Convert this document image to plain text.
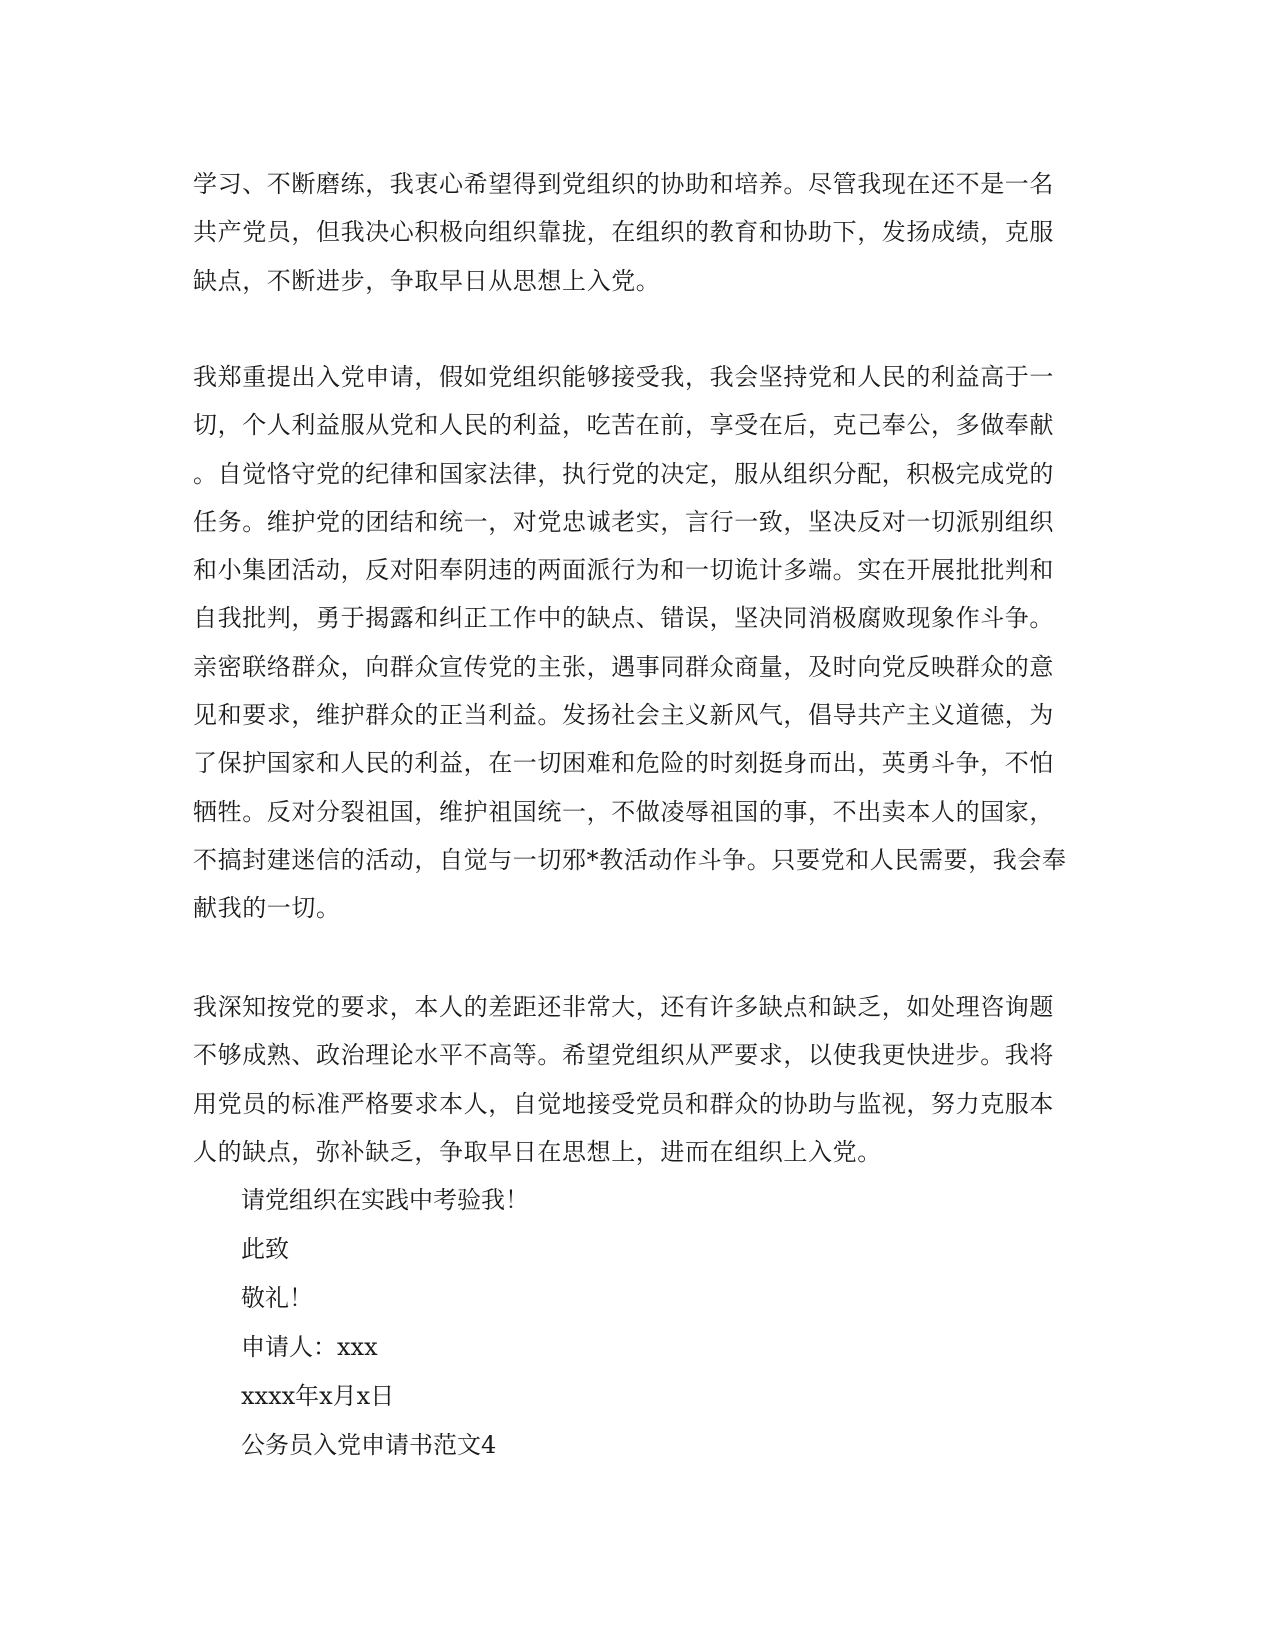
学习、不断磨练，我衷心希望得到党组织的协助和培养。尽管我现在还不是一名
共产党员，但我决心积极向组织靠拢，在组织的教育和协助下，发扬成绩，克服
缺点，不断进步，争取早日从思想上入党。
我郑重提出入党申请，假如党组织能够接受我，我会坚持党和人民的利益高于一
切，个人利益服从党和人民的利益，吃苦在前，享受在后，克己奉公，多做奉献
。自觉恪守党的纪律和国家法律，执行党的决定，服从组织分配，积极完成党的
任务。维护党的团结和统一，对党忠诚老实，言行一致，坚决反对一切派别组织
和小集团活动，反对阳奉阴违的两面派行为和一切诡计多端。实在开展批批判和
自我批判，勇于揭露和纠正工作中的缺点、错误，坚决同消极腐败现象作斗争。
亲密联络群众，向群众宣传党的主张，遇事同群众商量，及时向党反映群众的意
见和要求，维护群众的正当利益。发扬社会主义新风气，倡导共产主义道德，为
了保护国家和人民的利益，在一切困难和危险的时刻挺身而出，英勇斗争，不怕
牺牲。反对分裂祖国，维护祖国统一，不做凌辱祖国的事，不出卖本人的国家，
不搞封建迷信的活动，自觉与一切邪*教活动作斗争。只要党和人民需要，我会奉
献我的一切。
我深知按党的要求，本人的差距还非常大，还有许多缺点和缺乏，如处理咨询题
不够成熟、政治理论水平不高等。希望党组织从严要求，以使我更快进步。我将
用党员的标准严格要求本人，自觉地接受党员和群众的协助与监视，努力克服本
人的缺点，弥补缺乏，争取早日在思想上，进而在组织上入党。
请党组织在实践中考验我！
此致
敬礼！
申请人：xxx
xxxx年x月x日
公务员入党申请书范文4
